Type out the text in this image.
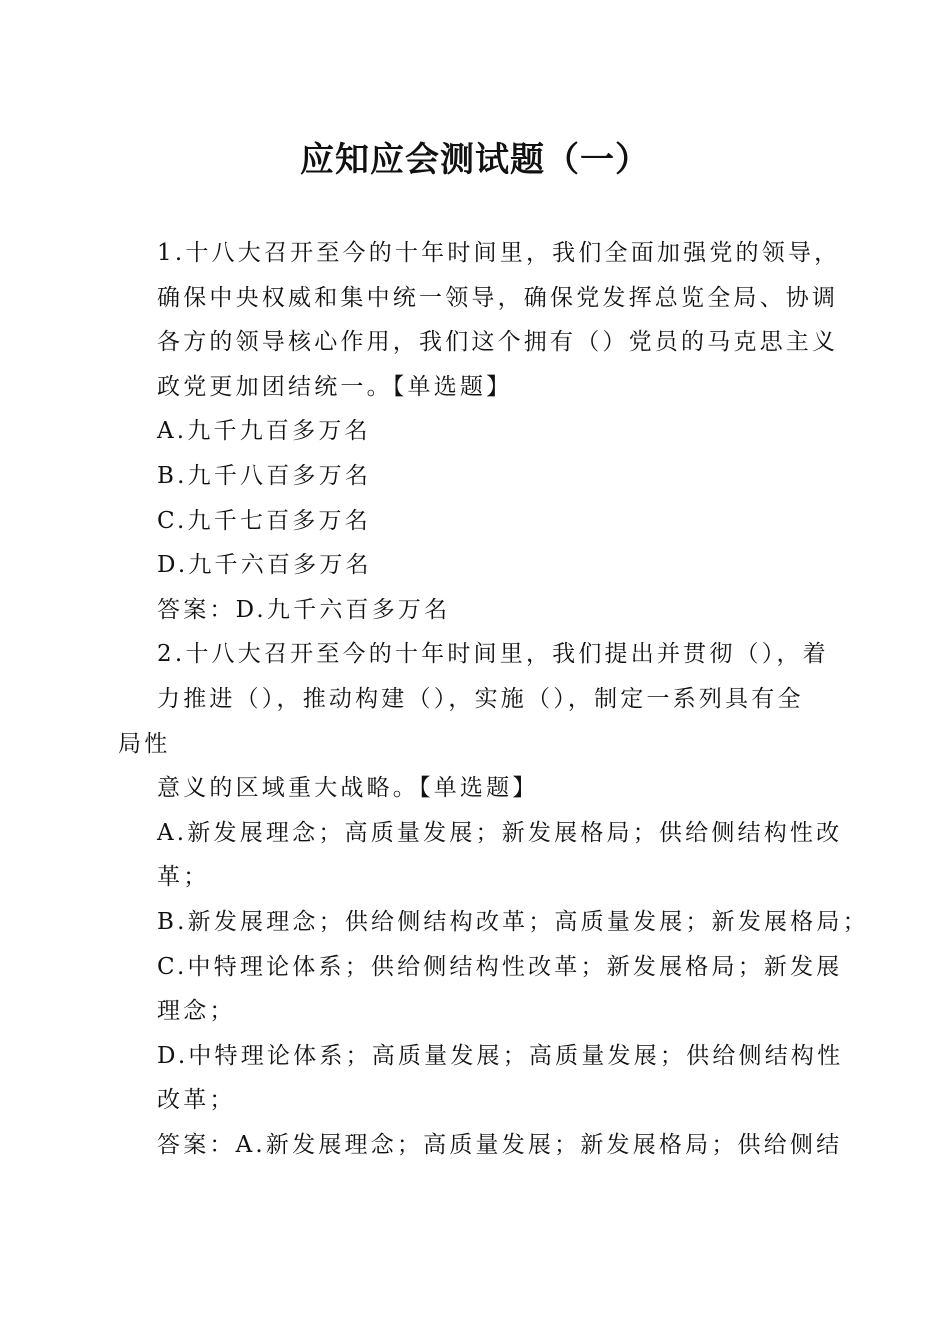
应知应会测试题（一）
1.十八大召开至今的十年时间里，我们全面加强党的领导，
确保中央权威和集中统一领导，确保党发挥总览全局、协调
各方的领导核心作用，我们这个拥有（）党员的马克思主义
政党更加团结统一。【单选题】
A.九千九百多万名
B.九千八百多万名
C.九千七百多万名
D.九千六百多万名
答案：D.九千六百多万名
2.十八大召开至今的十年时间里，我们提出并贯彻（），着
力推进（），推动构建（），实施（），制定一系列具有全
局性
意义的区域重大战略。【单选题】
A.新发展理念；高质量发展；新发展格局；供给侧结构性改
革；
B.新发展理念；供给侧结构改革；高质量发展；新发展格局；
C.中特理论体系；供给侧结构性改革；新发展格局；新发展
理念；
D.中特理论体系；高质量发展；高质量发展；供给侧结构性
改革；
答案：A.新发展理念；高质量发展；新发展格局；供给侧结
